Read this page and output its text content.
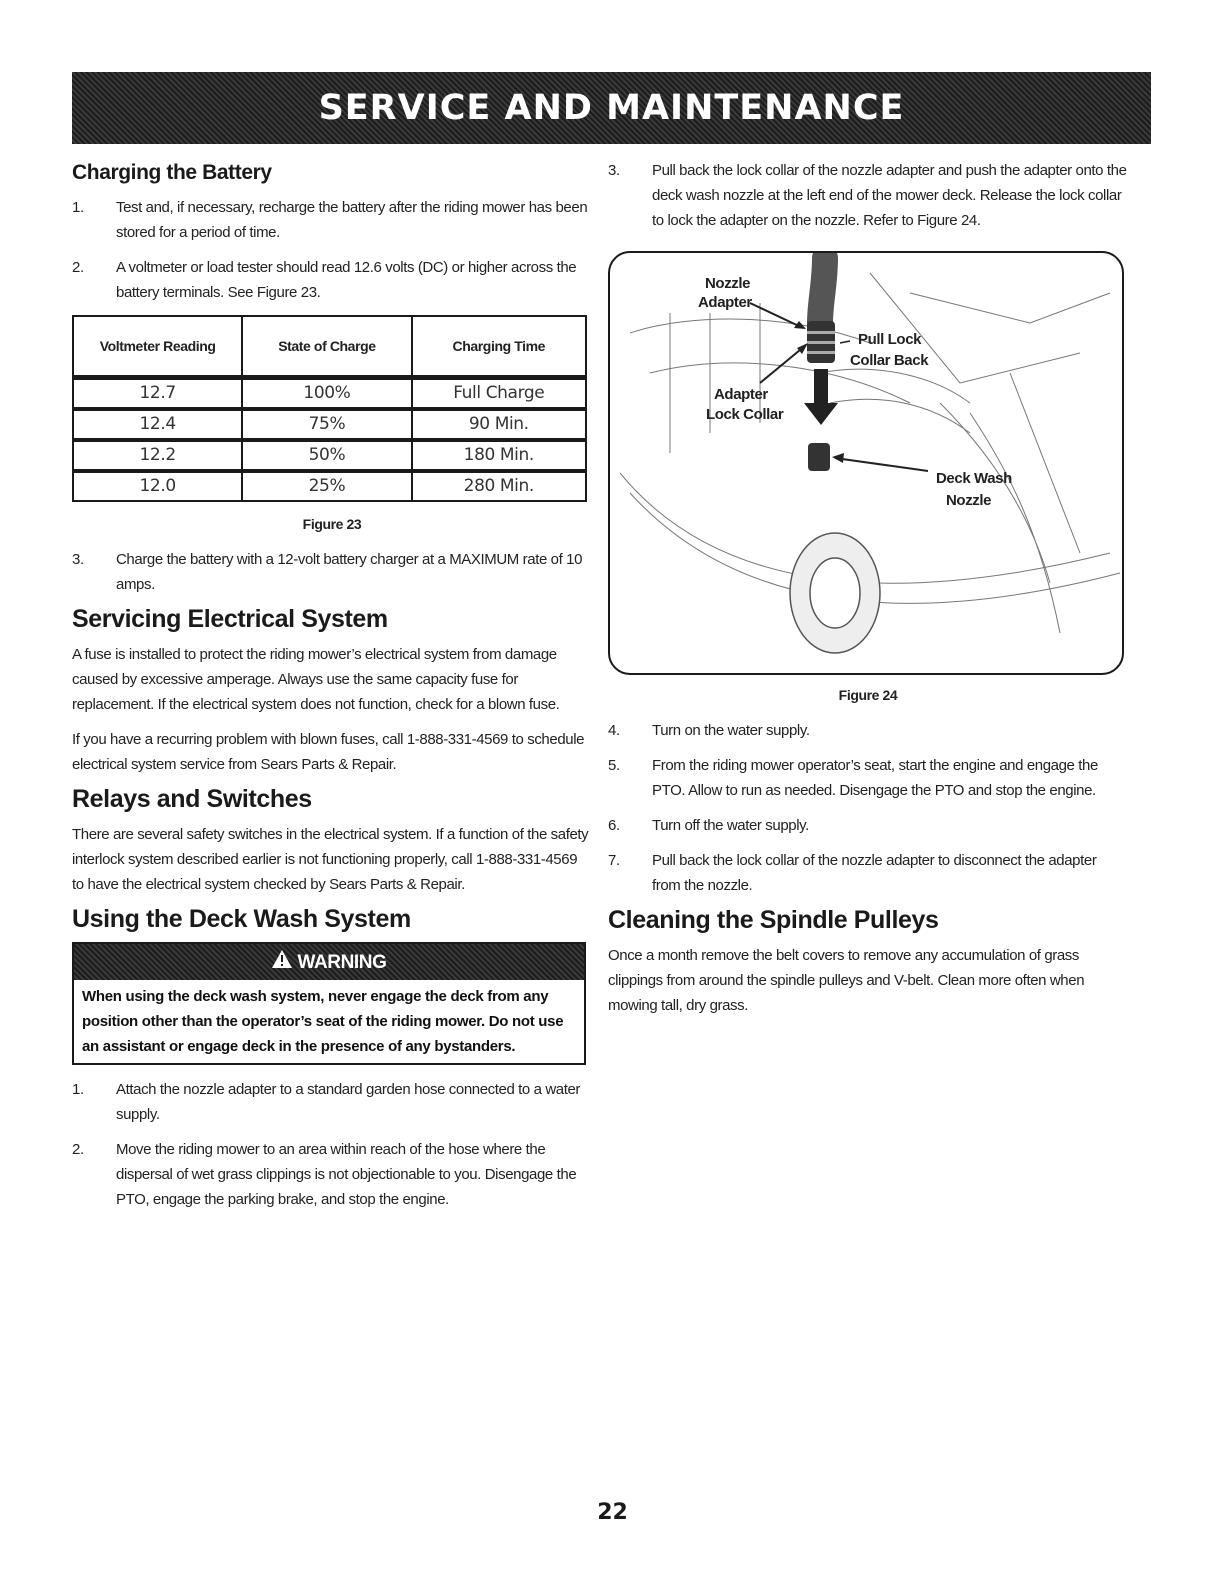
SERVICE AND MAINTENANCE
Charging the Battery
1.	Test and, if necessary, recharge the battery after the riding mower has been stored for a period of time.
2.	A voltmeter or load tester should read 12.6 volts (DC) or higher across the battery terminals. See Figure 23.
Voltmeter Reading	State of Charge	Charging Time
12.7	100%	Full Charge
12.4	75%	90 Min.
12.2	50%	180 Min.
12.0	25%	280 Min.
Figure 23
3.	Charge the battery with a 12-volt battery charger at a MAXIMUM rate of 10 amps.
Servicing Electrical System

A fuse is installed to protect the riding mower’s electrical system from damage caused by excessive amperage. Always use the same capacity fuse for replacement. If the electrical system does not function, check for a blown fuse.

If you have a recurring problem with blown fuses, call 1-888-331-4569 to schedule electrical system service from Sears Parts & Repair.

Relays and Switches

There are several safety switches in the electrical system. If a function of the safety interlock system described earlier is not functioning properly, call 1-888-331-4569 to have the electrical system checked by Sears Parts & Repair.

Using the Deck Wash System
WARNING
When using the deck wash system, never engage the deck from any position other than the operator’s seat of the riding mower. Do not use an assistant or engage deck in the presence of any bystanders.
1.	Attach the nozzle adapter to a standard garden hose connected to a water supply.
2.	Move the riding mower to an area within reach of the hose where the dispersal of wet grass clippings is not objectionable to you. Disengage the PTO, engage the parking brake, and stop the engine.
3.	Pull back the lock collar of the nozzle adapter and push the adapter onto the deck wash nozzle at the left end of the mower deck. Release the lock collar to lock the adapter on the nozzle. Refer to Figure 24.
Nozzle
Adapter
Pull Lock
Collar Back
Adapter
Lock Collar
Deck Wash
Nozzle
Figure 24
4.	Turn on the water supply.
5.	From the riding mower operator’s seat, start the engine and engage the PTO. Allow to run as needed. Disengage the PTO and stop the engine.
6.	Turn off the water supply.
7.	Pull back the lock collar of the nozzle adapter to disconnect the adapter from the nozzle.
Cleaning the Spindle Pulleys

Once a month remove the belt covers to remove any accumulation of grass clippings from around the spindle pulleys and V-belt. Clean more often when mowing tall, dry grass.

22
